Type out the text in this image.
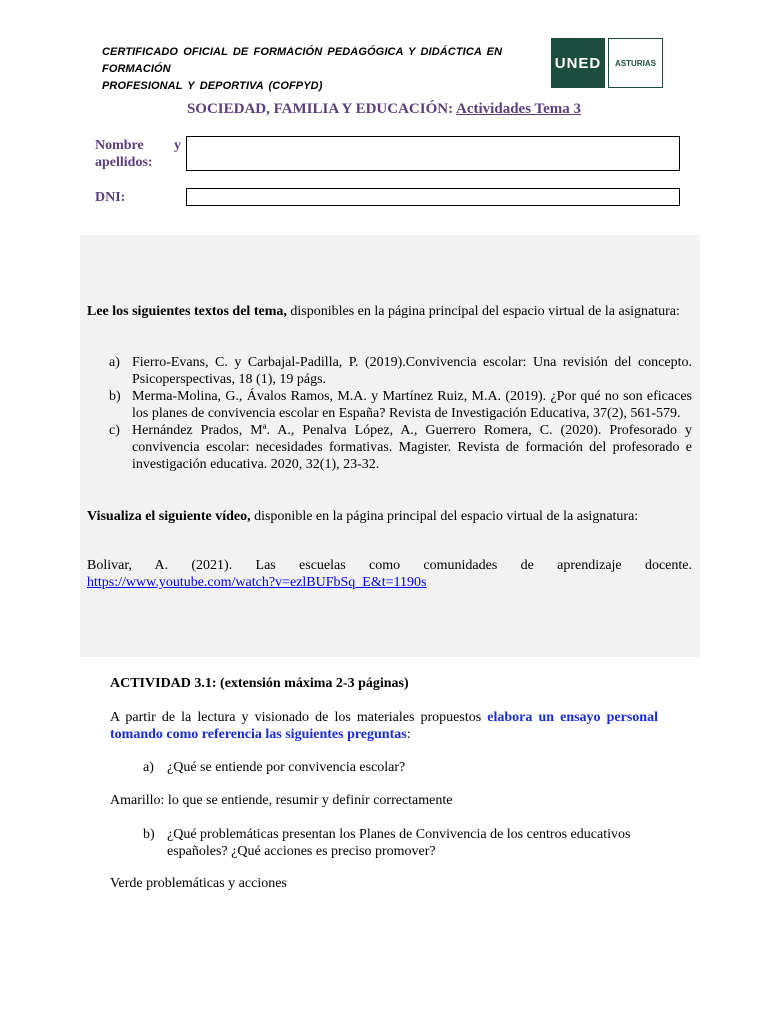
CERTIFICADO OFICIAL DE FORMACIÓN PEDAGÓGICA Y DIDÁCTICA EN FORMACIÓN
PROFESIONAL Y DEPORTIVA (COFPYD)
UNED	ASTURIAS
SOCIEDAD, FAMILIA Y EDUCACIÓN: Actividades Tema 3
Nombre y
apellidos:
DNI:
Lee los siguientes textos del tema, disponibles en la página principal del espacio virtual de la asignatura:
a) Fierro-Evans, C. y Carbajal-Padilla, P. (2019).Convivencia escolar: Una revisión del concepto. Psicoperspectivas, 18 (1), 19 págs.
b) Merma-Molina, G., Ávalos Ramos, M.A. y Martínez Ruiz, M.A. (2019). ¿Por qué no son eficaces los planes de convivencia escolar en España? Revista de Investigación Educativa, 37(2), 561-579.
c) Hernández Prados, Mª. A., Penalva López, A., Guerrero Romera, C. (2020). Profesorado y convivencia escolar: necesidades formativas. Magister. Revista de formación del profesorado e investigación educativa. 2020, 32(1), 23-32.
Visualiza el siguiente vídeo, disponible en la página principal del espacio virtual de la asignatura:
Bolivar, A. (2021). Las escuelas como comunidades de aprendizaje docente. https://www.youtube.com/watch?v=ezlBUFbSq_E&t=1190s
ACTIVIDAD 3.1: (extensión máxima 2-3 páginas)
A partir de la lectura y visionado de los materiales propuestos elabora un ensayo personal tomando como referencia las siguientes preguntas:
a) ¿Qué se entiende por convivencia escolar?
Amarillo: lo que se entiende, resumir y definir correctamente
b) ¿Qué problemáticas presentan los Planes de Convivencia de los centros educativos españoles? ¿Qué acciones es preciso promover?
Verde problemáticas y acciones
